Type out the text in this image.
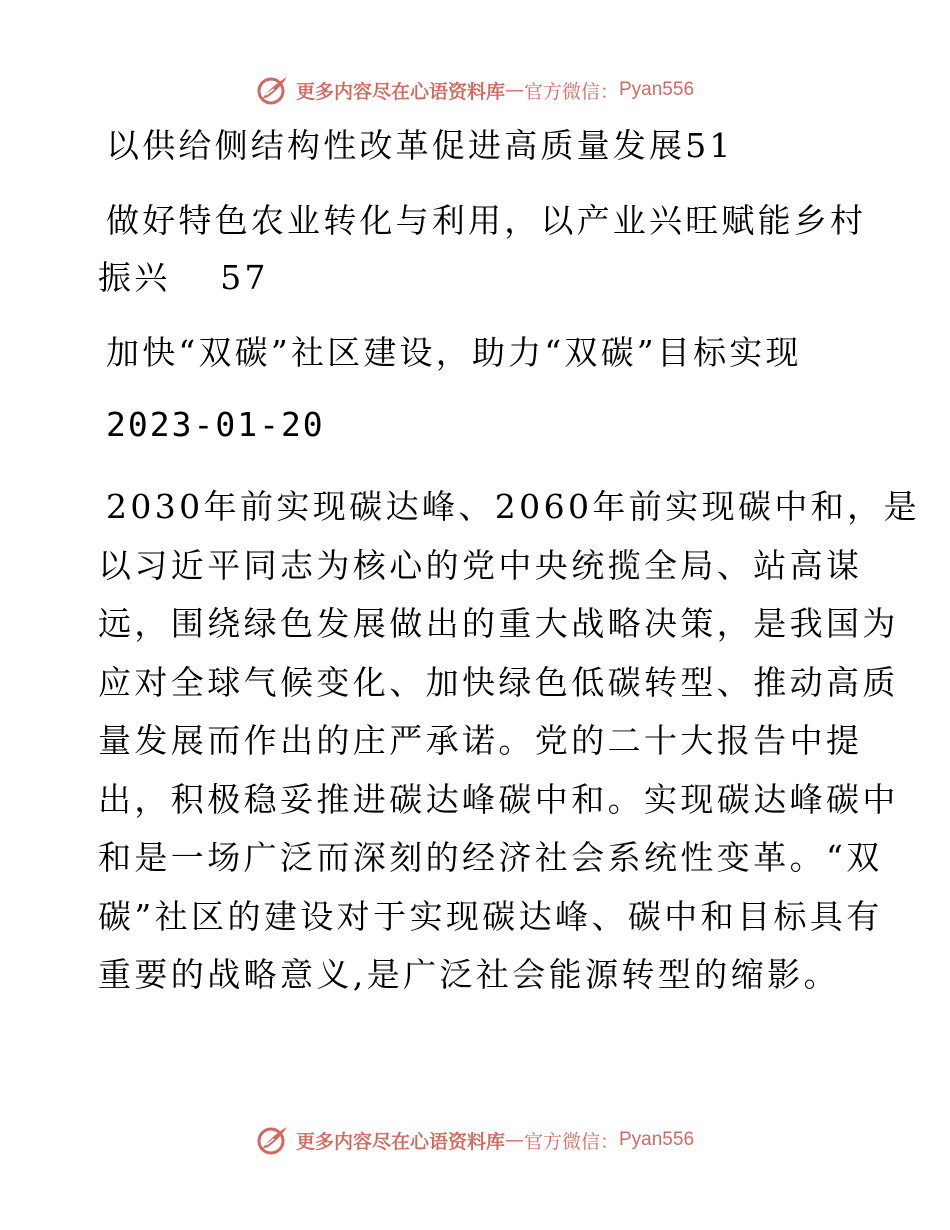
更多内容尽在心语资料库 — 官方微信： Pyan556
以供给侧结构性改革促进高质量发展51
做好特色农业转化与利用，以产业兴旺赋能乡村
振兴　 57
加快“双碳”社区建设，助力“双碳”目标实现
2023-01-20
2030年前实现碳达峰、2060年前实现碳中和，是
以习近平同志为核心的党中央统揽全局、站高谋
远，围绕绿色发展做出的重大战略决策，是我国为
应对全球气候变化、加快绿色低碳转型、推动高质
量发展而作出的庄严承诺。党的二十大报告中提
出，积极稳妥推进碳达峰碳中和。实现碳达峰碳中
和是一场广泛而深刻的经济社会系统性变革。“双
碳”社区的建设对于实现碳达峰、碳中和目标具有
重要的战略意义,是广泛社会能源转型的缩影。
更多内容尽在心语资料库 — 官方微信： Pyan556
